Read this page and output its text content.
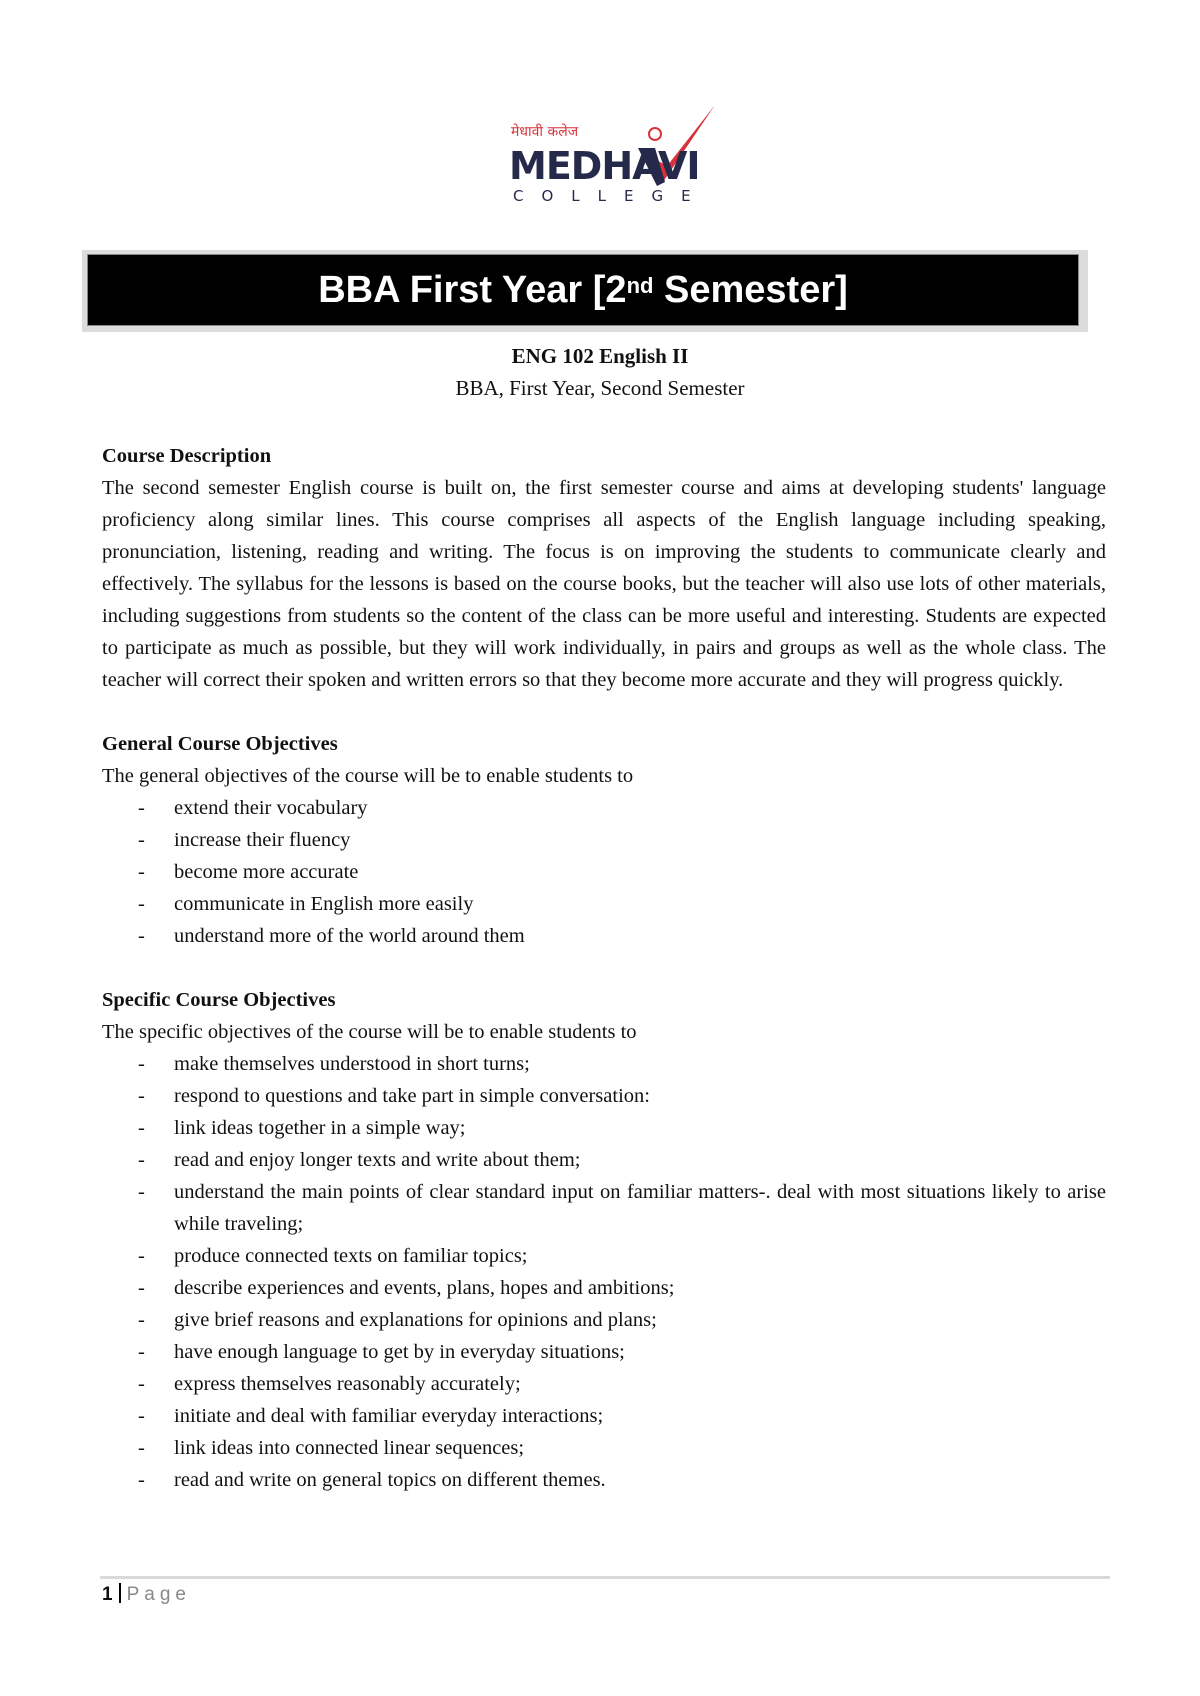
मेधावी कलेज
MEDHAVI
COLLEGE
BBA First Year [2nd Semester]
ENG 102 English II
BBA, First Year, Second Semester
Course Description

The second semester English course is built on, the first semester course and aims at developing students' language proficiency along similar lines. This course comprises all aspects of the English language including speaking, pronunciation, listening, reading and writing. The focus is on improving the students to communicate clearly and effectively. The syllabus for the lessons is based on the course books, but the teacher will also use lots of other materials, including suggestions from students so the content of the class can be more useful and interesting. Students are expected to participate as much as possible, but they will work individually, in pairs and groups as well as the whole class. The teacher will correct their spoken and written errors so that they become more accurate and they will progress quickly.

General Course Objectives
The general objectives of the course will be to enable students to
- extend their vocabulary
- increase their fluency
- become more accurate
- communicate in English more easily
- understand more of the world around them
Specific Course Objectives
The specific objectives of the course will be to enable students to
- make themselves understood in short turns;
- respond to questions and take part in simple conversation:
- link ideas together in a simple way;
- read and enjoy longer texts and write about them;
- understand the main points of clear standard input on familiar matters-. deal with most situations likely to arise while traveling;
- produce connected texts on familiar topics;
- describe experiences and events, plans, hopes and ambitions;
- give brief reasons and explanations for opinions and plans;
- have enough language to get by in everyday situations;
- express themselves reasonably accurately;
- initiate and deal with familiar everyday interactions;
- link ideas into connected linear sequences;
- read and write on general topics on different themes.
1 Page
